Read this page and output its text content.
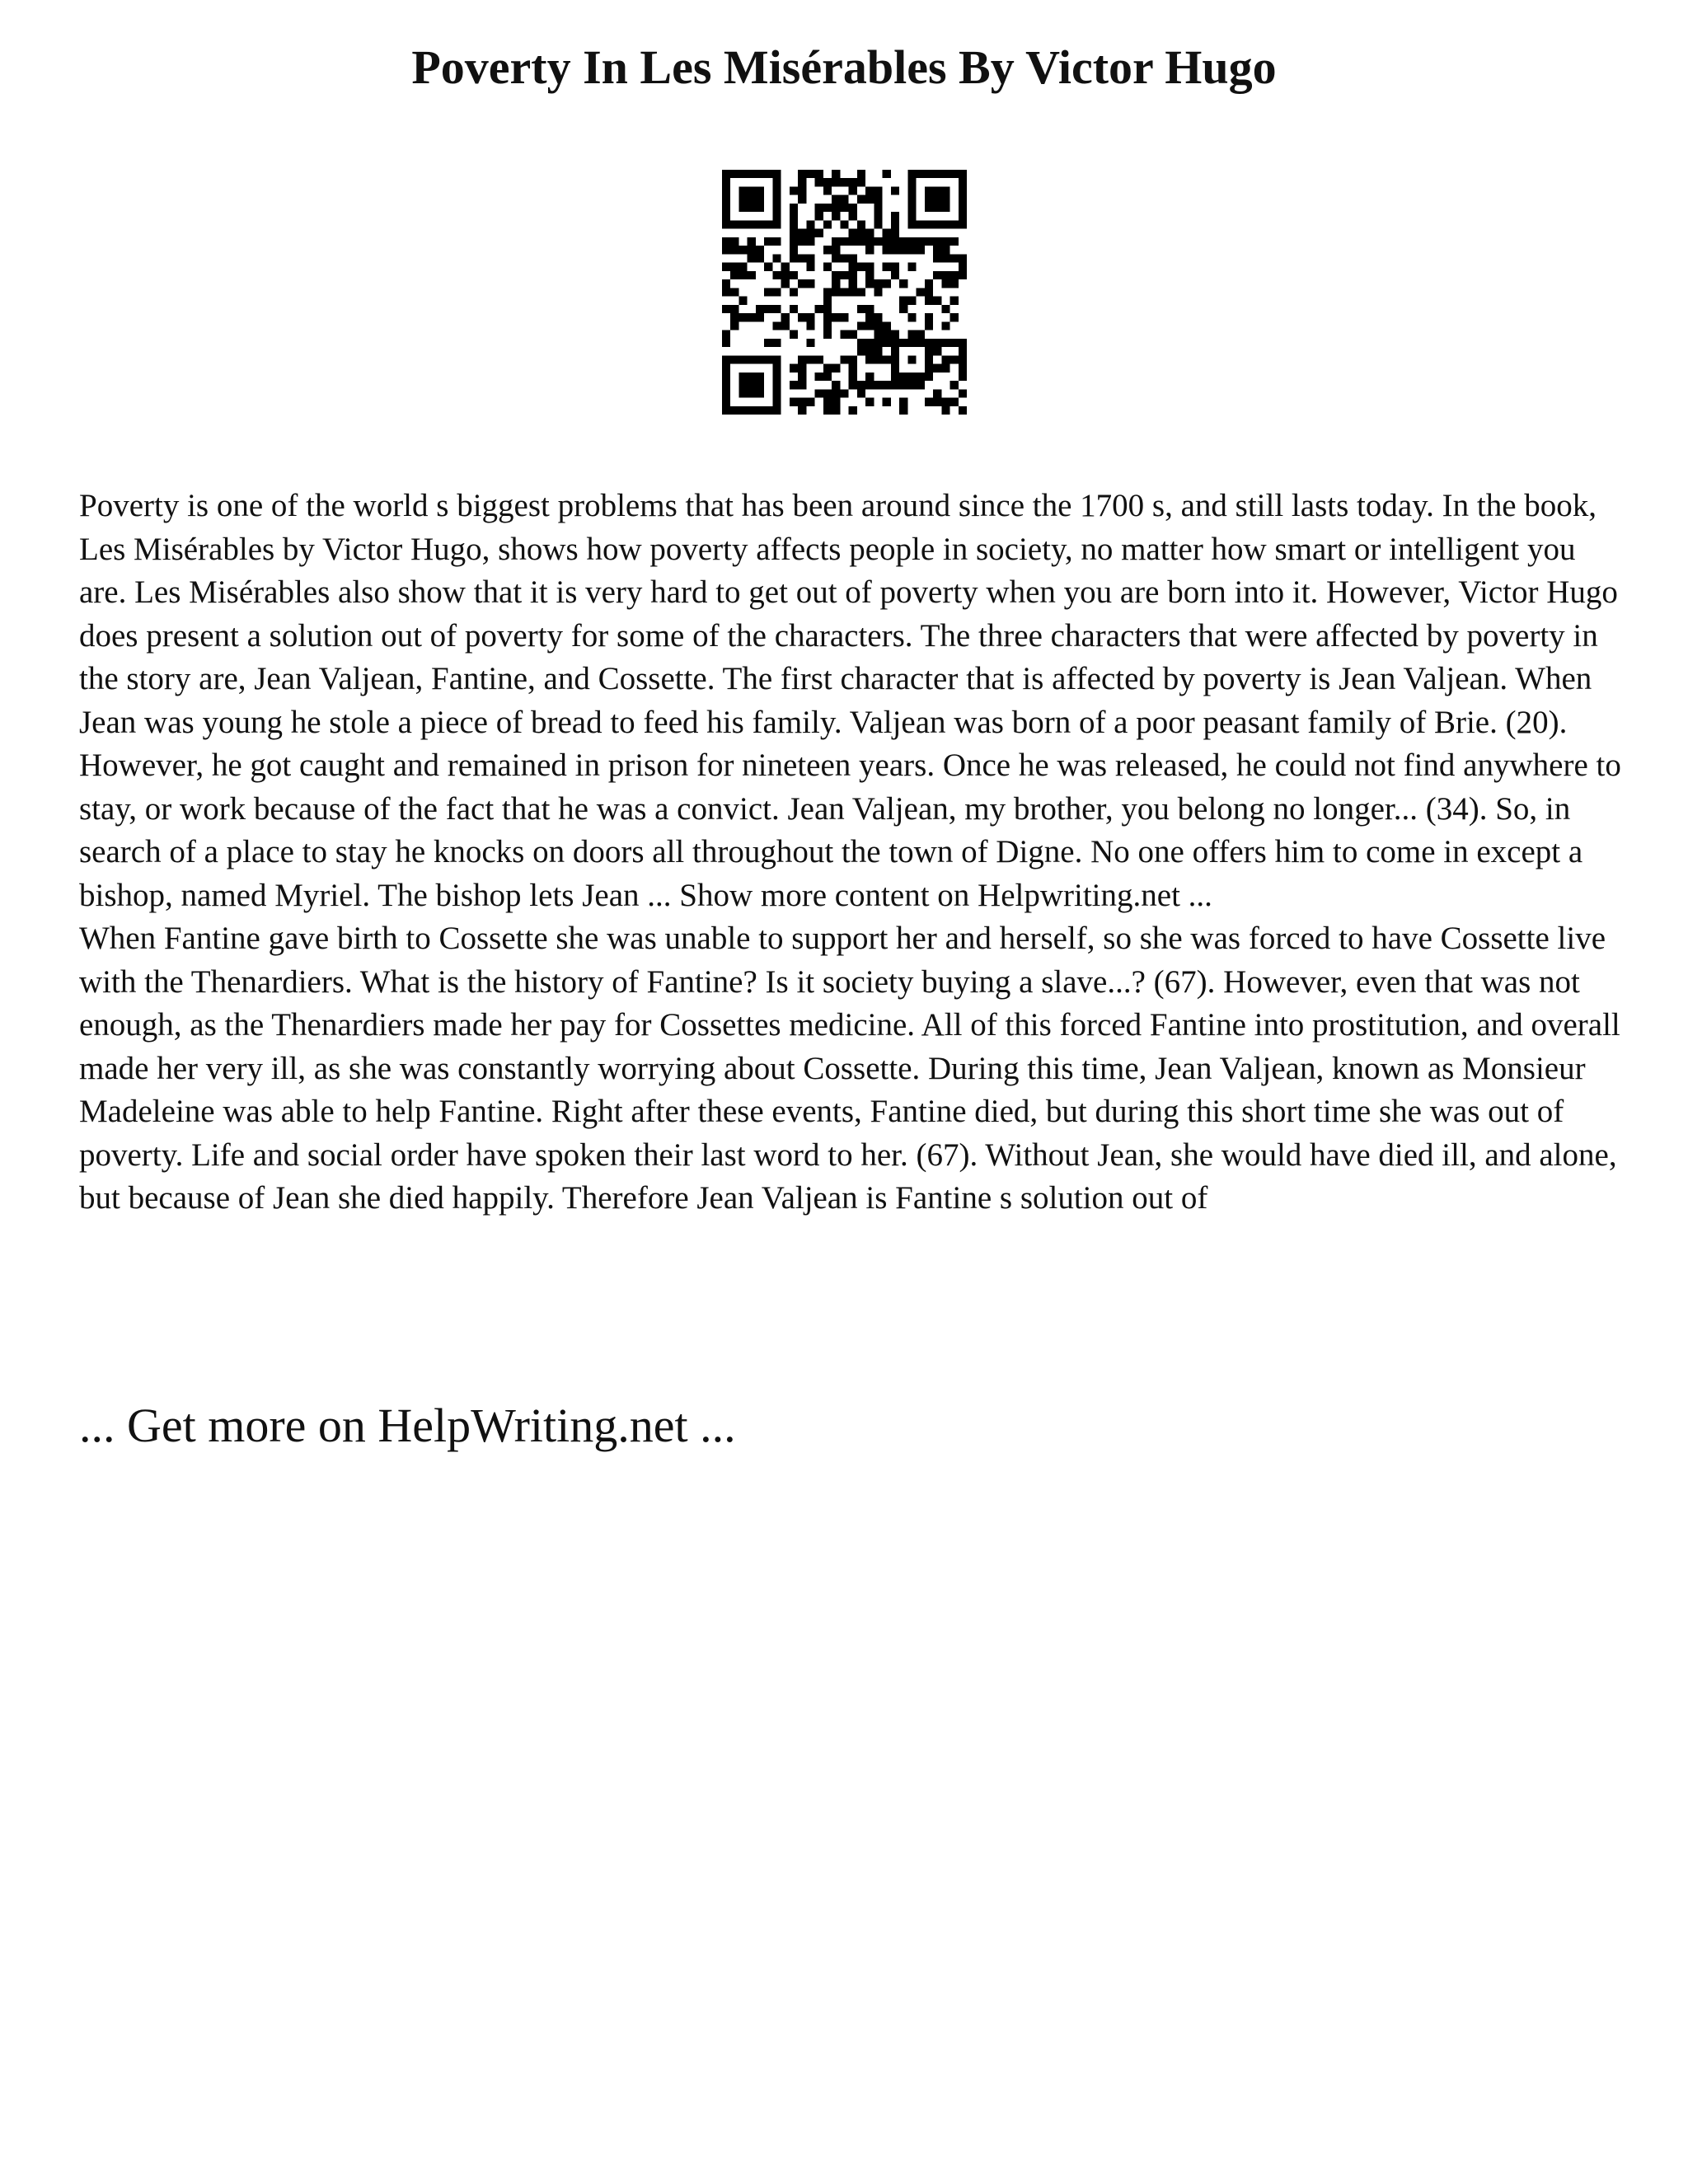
Poverty In Les Misérables By Victor Hugo

Poverty is one of the world s biggest problems that has been around since the 1700 s, and still lasts today. In the book, Les Misérables by Victor Hugo, shows how poverty affects people in society, no matter how smart or intelligent you are. Les Misérables also show that it is very hard to get out of poverty when you are born into it. However, Victor Hugo does present a solution out of poverty for some of the characters. The three characters that were affected by poverty in the story are, Jean Valjean, Fantine, and Cossette. The first character that is affected by poverty is Jean Valjean. When Jean was young he stole a piece of bread to feed his family. Valjean was born of a poor peasant family of Brie. (20). However, he got caught and remained in prison for nineteen years. Once he was released, he could not find anywhere to stay, or work because of the fact that he was a convict. Jean Valjean, my brother, you belong no longer... (34). So, in search of a place to stay he knocks on doors all throughout the town of Digne. No one offers him to come in except a bishop, named Myriel. The bishop lets Jean ... Show more content on Helpwriting.net ...

When Fantine gave birth to Cossette she was unable to support her and herself, so she was forced to have Cossette live with the Thenardiers. What is the history of Fantine? Is it society buying a slave...? (67). However, even that was not enough, as the Thenardiers made her pay for Cossettes medicine. All of this forced Fantine into prostitution, and overall made her very ill, as she was constantly worrying about Cossette. During this time, Jean Valjean, known as Monsieur Madeleine was able to help Fantine. Right after these events, Fantine died, but during this short time she was out of poverty. Life and social order have spoken their last word to her. (67). Without Jean, she would have died ill, and alone, but because of Jean she died happily. Therefore Jean Valjean is Fantine s solution out of

... Get more on HelpWriting.net ...
